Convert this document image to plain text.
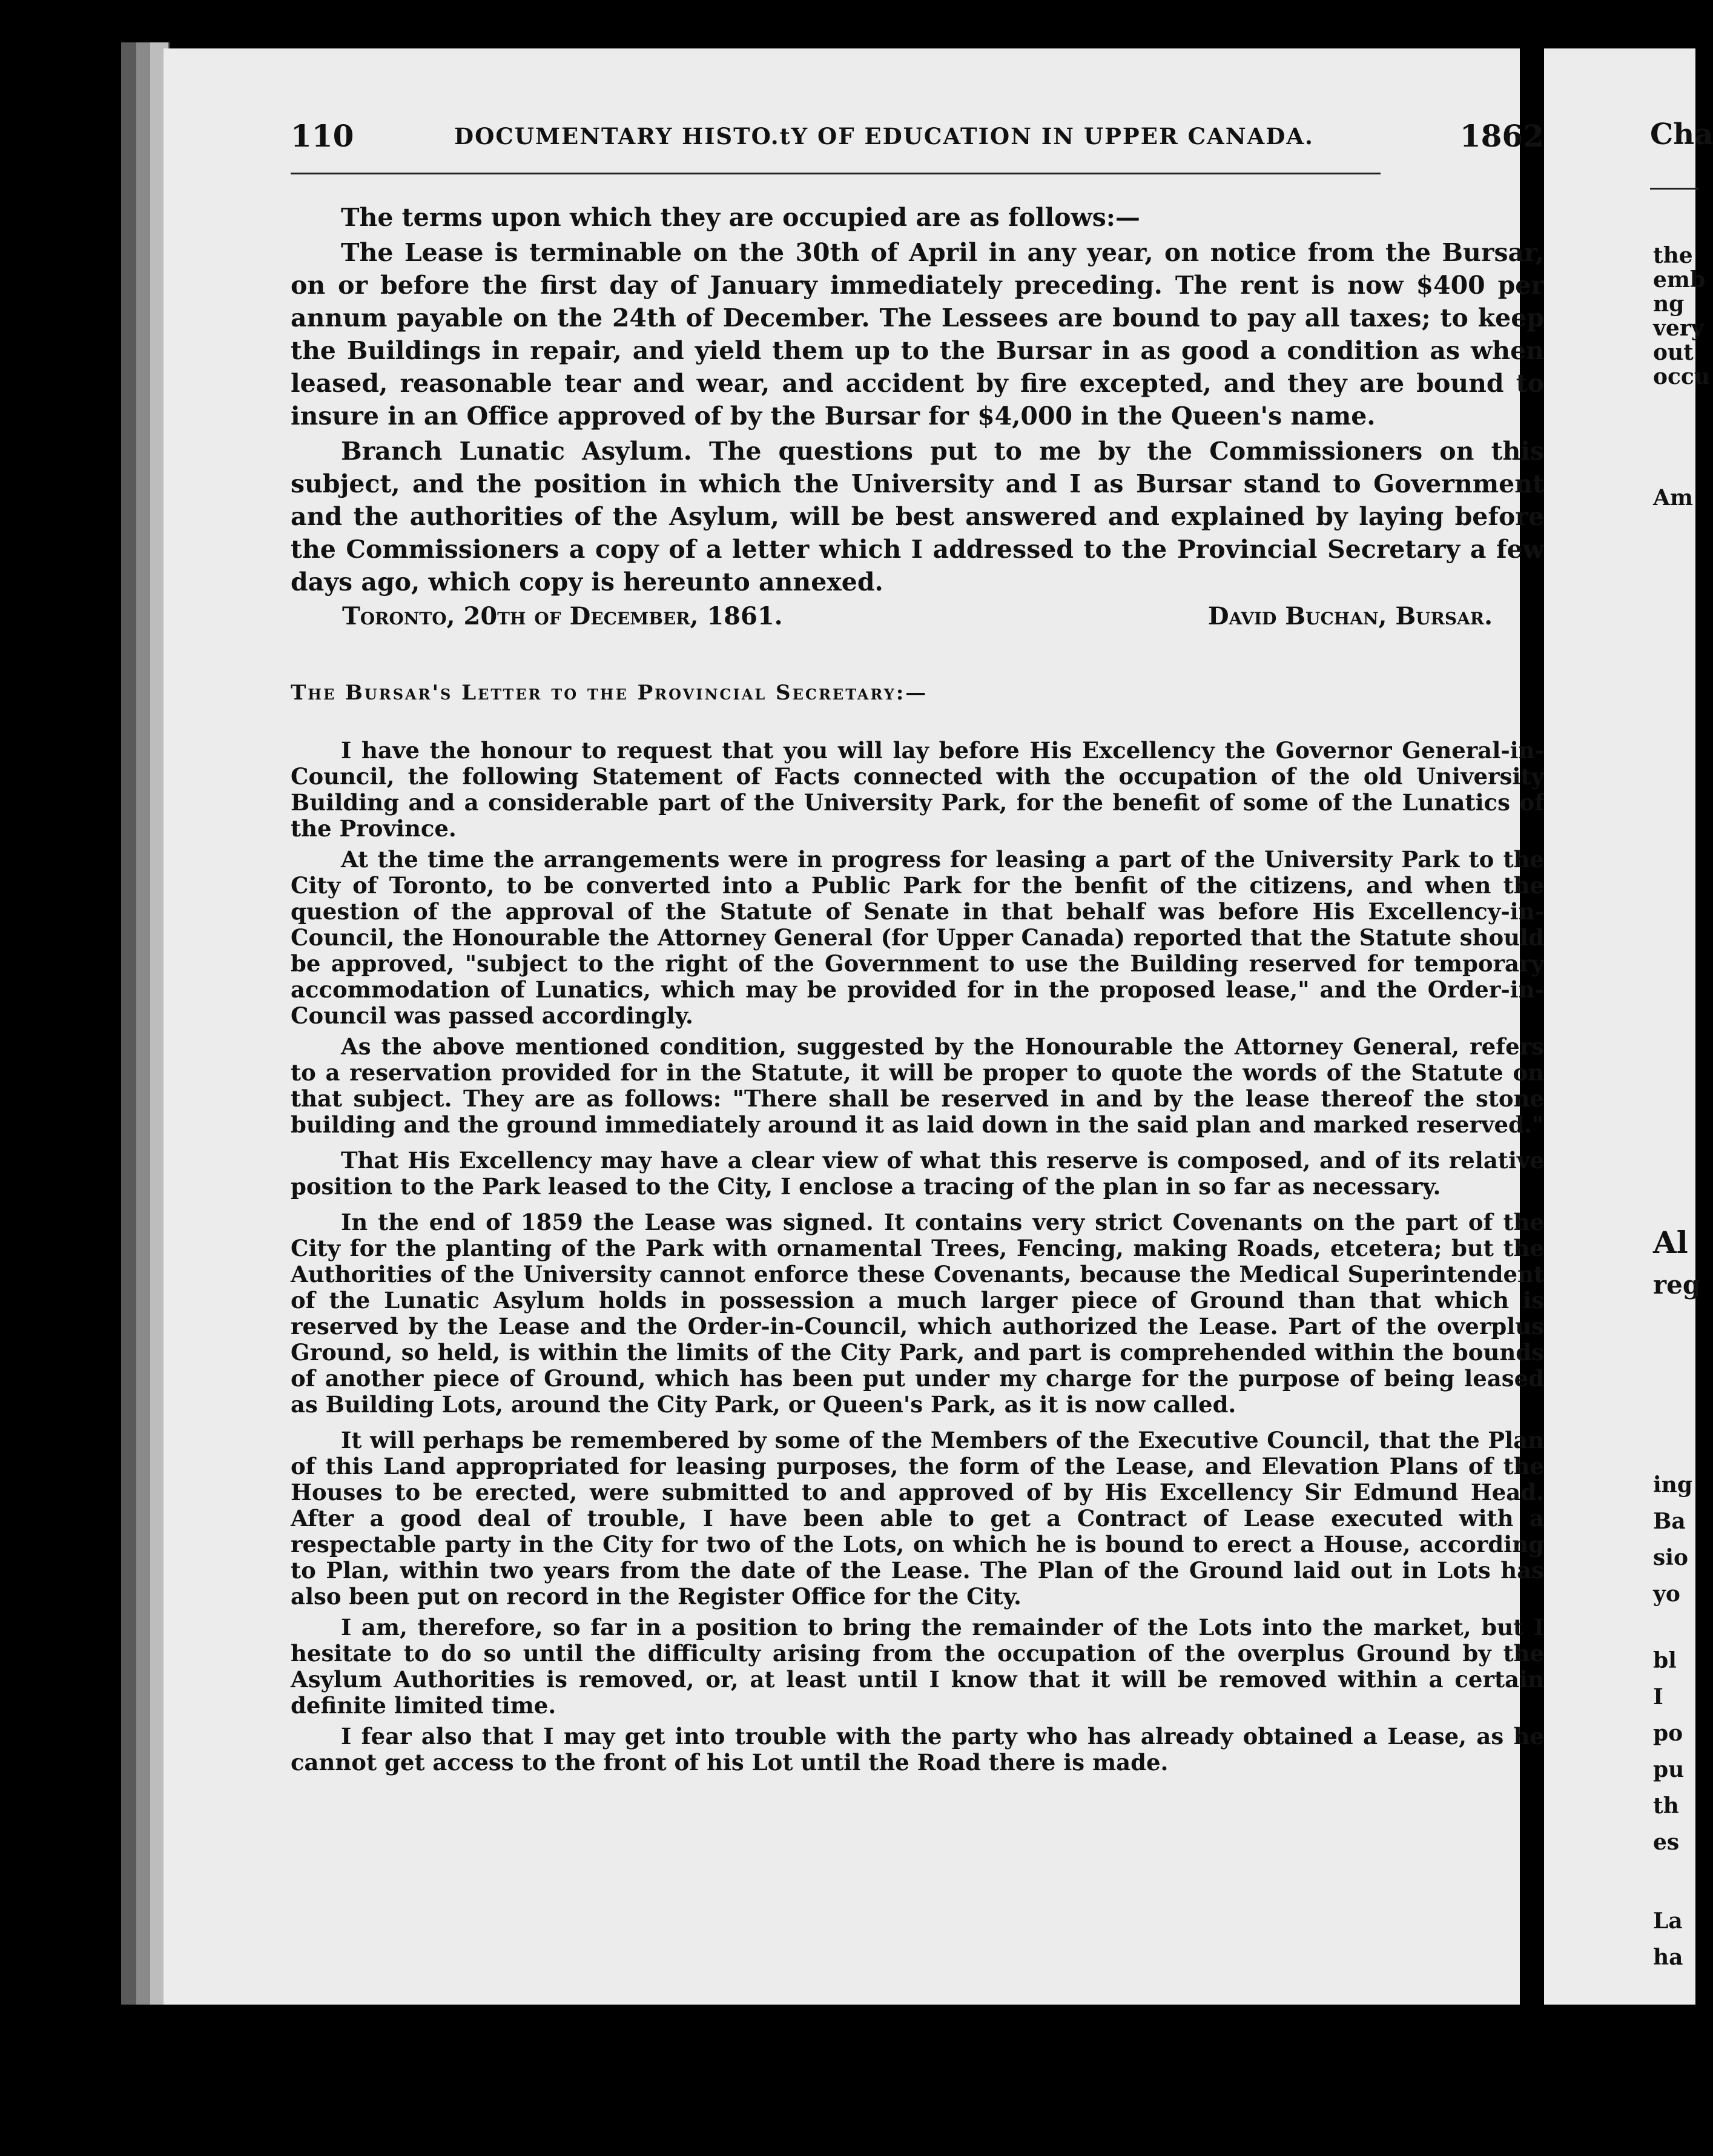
110	DOCUMENTARY HISTO.tY OF EDUCATION IN UPPER CANADA.	1862

The terms upon which they are occupied are as follows:—

The Lease is terminable on the 30th of April in any year, on notice from the Bursar, on or before the first day of January immediately preceding. The rent is now $400 per annum payable on the 24th of December. The Lessees are bound to pay all taxes; to keep the Buildings in repair, and yield them up to the Bursar in as good a condition as when leased, reasonable tear and wear, and accident by fire excepted, and they are bound to insure in an Office approved of by the Bursar for $4,000 in the Queen's name.

Branch Lunatic Asylum. The questions put to me by the Commissioners on this subject, and the position in which the University and I as Bursar stand to Government and the authorities of the Asylum, will be best answered and explained by laying before the Commissioners a copy of a letter which I addressed to the Provincial Secretary a few days ago, which copy is hereunto annexed.

Toronto, 20th of December, 1861.	David Buchan, Bursar.
The Bursar's Letter to the Provincial Secretary:—

I have the honour to request that you will lay before His Excellency the Governor General-in-Council, the following Statement of Facts connected with the occupation of the old University Building and a considerable part of the University Park, for the benefit of some of the Lunatics of the Province.

At the time the arrangements were in progress for leasing a part of the University Park to the City of Toronto, to be converted into a Public Park for the benfit of the citizens, and when the question of the approval of the Statute of Senate in that behalf was before His Excellency-in-Council, the Honourable the Attorney General (for Upper Canada) reported that the Statute should be approved, "subject to the right of the Government to use the Building reserved for temporary accommodation of Lunatics, which may be provided for in the proposed lease," and the Order-in-Council was passed accordingly.

As the above mentioned condition, suggested by the Honourable the Attorney General, refers to a reservation provided for in the Statute, it will be proper to quote the words of the Statute on that subject. They are as follows: "There shall be reserved in and by the lease thereof the stone building and the ground immediately around it as laid down in the said plan and marked reserved."

That His Excellency may have a clear view of what this reserve is composed, and of its relative position to the Park leased to the City, I enclose a tracing of the plan in so far as necessary.

In the end of 1859 the Lease was signed. It contains very strict Covenants on the part of the City for the planting of the Park with ornamental Trees, Fencing, making Roads, etcetera; but the Authorities of the University cannot enforce these Covenants, because the Medical Superintendent of the Lunatic Asylum holds in possession a much larger piece of Ground than that which is reserved by the Lease and the Order-in-Council, which authorized the Lease. Part of the overplus Ground, so held, is within the limits of the City Park, and part is comprehended within the bounds of another piece of Ground, which has been put under my charge for the purpose of being leased as Building Lots, around the City Park, or Queen's Park, as it is now called.

It will perhaps be remembered by some of the Members of the Executive Council, that the Plan of this Land appropriated for leasing purposes, the form of the Lease, and Elevation Plans of the Houses to be erected, were submitted to and approved of by His Excellency Sir Edmund Head. After a good deal of trouble, I have been able to get a Contract of Lease executed with a respectable party in the City for two of the Lots, on which he is bound to erect a House, according to Plan, within two years from the date of the Lease. The Plan of the Ground laid out in Lots has also been put on record in the Register Office for the City.

I am, therefore, so far in a position to bring the remainder of the Lots into the market, but I hesitate to do so until the difficulty arising from the occupation of the overplus Ground by the Asylum Authorities is removed, or, at least until I know that it will be removed within a certain definite limited time.

I fear also that I may get into trouble with the party who has already obtained a Lease, as he cannot get access to the front of his Lot until the Road there is made.

Cha
the
emb
ng
very
out
occu
Am
Al
reg
ing
Ba
sio
yo
bl
I
po
pu
th
es
La
ha
